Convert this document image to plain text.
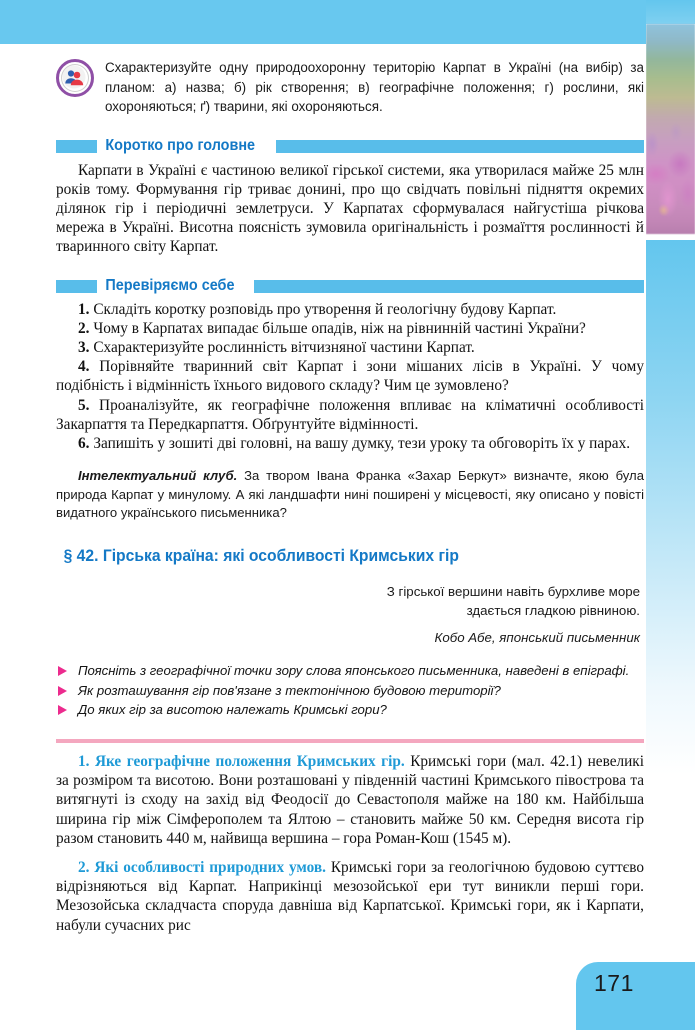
171
Схарактеризуйте одну природоохоронну територію Карпат в Україні (на вибір) за планом: а) назва; б) рік створення; в) географічне положення; г) рослини, які охороняються; ґ) тварини, які охороняються.
Коротко про головне
Карпати в Україні є частиною великої гірської системи, яка утворилася майже 25 млн років тому. Формування гір триває донині, про що свідчать повільні підняття окремих ділянок гір і періодичні землетруси. У Карпатах сформувалася найгустіша річкова мережа в Україні. Висотна поясність зумовила оригінальність і розмаїття рослинності й тваринного світу Карпат.
Перевіряємо себе
1. Складіть коротку розповідь про утворення й геологічну будову Карпат.
2. Чому в Карпатах випадає більше опадів, ніж на рівнинній частині України?
3. Схарактеризуйте рослинність вітчизняної частини Карпат.
4. Порівняйте тваринний світ Карпат і зони мішаних лісів в Україні. У чому подібність і відмінність їхнього видового складу? Чим це зумовлено?
5. Проаналізуйте, як географічне положення впливає на кліматичні особливості Закарпаття та Передкарпаття. Обґрунтуйте відмінності.
6. Запишіть у зошиті дві головні, на вашу думку, тези уроку та обговоріть їх у парах.
Інтелектуальний клуб. За твором Івана Франка «Захар Беркут» визначте, якою була природа Карпат у минулому. А які ландшафти нині поширені у місцевості, яку описано у повісті видатного українського письменника?
§ 42. Гірська країна: які особливості Кримських гір
З гірської вершини навіть бурхливе море
здається гладкою рівниною.
Кобо Абе, японський письменник
Поясніть з географічної точки зору слова японського письменника, наведені в епіграфі.
Як розташування гір пов'язане з тектонічною будовою території?
До яких гір за висотою належать Кримські гори?
1. Яке географічне положення Кримських гір. Кримські гори (мал. 42.1) невеликі за розміром та висотою. Вони розташовані у південній частині Кримського півострова та витягнуті із сходу на захід від Феодосії до Севастополя майже на 180 км. Найбільша ширина гір між Сімферополем та Ялтою – становить майже 50 км. Середня висота гір разом становить 440 м, найвища вершина – гора Роман-Кош (1545 м).
2. Які особливості природних умов. Кримські гори за геологічною будовою суттєво відрізняються від Карпат. Наприкінці мезозойської ери тут виникли перші гори. Мезозойська складчаста споруда давніша від Карпатської. Кримські гори, як і Карпати, набули сучасних рис
